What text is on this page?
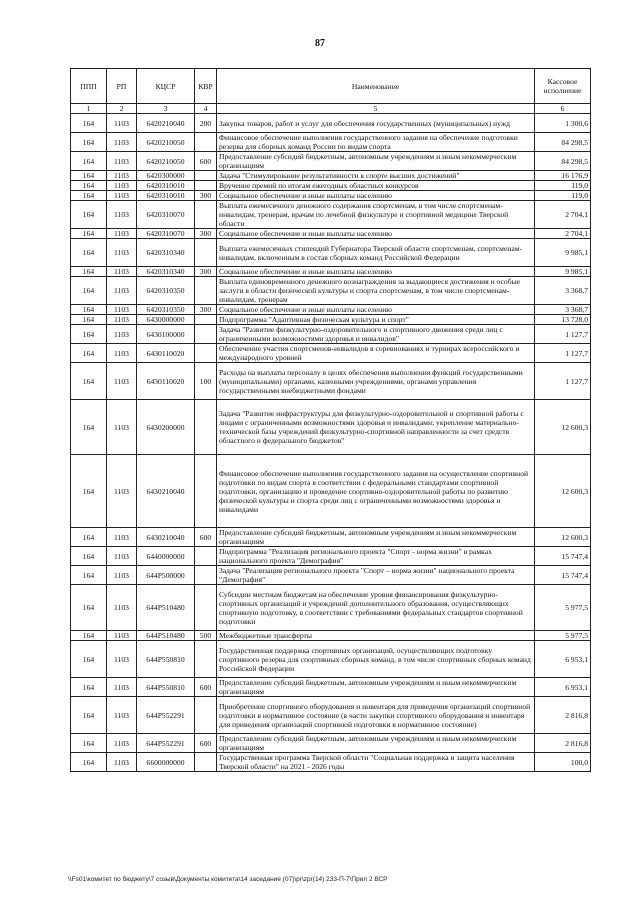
87
ППП	РП	КЦСР	КВР	Наименование	Кассовое исполнение
1	2	3	4	5	6
164	1103	6420210040	200	Закупка товаров, работ и услуг для обеспечения государственных (муниципальных) нужд	1 300,6
164	1103	6420210050		Финансовое обеспечение выполнения государственного задания на обеспечение подготовки резерва для сборных команд России по видам спорта	84 298,5
164	1103	6420210050	600	Предоставление субсидий бюджетным, автономным учреждениям и иным некоммерческим организациям	84 298,5
164	1103	6420300000		Задача "Стимулирование результативности в спорте высших достижений"	16 176,9
164	1103	6420310010		Вручение премий по итогам ежегодных областных конкурсов	119,0
164	1103	6420310010	300	Социальное обеспечение и иные выплаты населению	119,0
164	1103	6420310070		Выплата ежемесячного денежного содержания спортсменам, в том числе спортсменам-инвалидам, тренерам, врачам по лечебной физкультуре и спортивной медицине Тверской области	2 704,1
164	1103	6420310070	300	Социальное обеспечение и иные выплаты населению	2 704,1
164	1103	6420310340		Выплата ежемесячных стипендий Губернатора Тверской области спортсменам, спортсменам-инвалидам, включенным в состав сборных команд Российской Федерации	9 985,1
164	1103	6420310340	300	Социальное обеспечение и иные выплаты населению	9 985,1
164	1103	6420310350		Выплата единовременного денежного вознаграждения за выдающиеся достижения и особые заслуги в области физической культуры и спорта спортсменам, в том числе спортсменам-инвалидам, тренерам	3 368,7
164	1103	6420310350	300	Социальное обеспечение и иные выплаты населению	3 368,7
164	1103	6430000000		Подпрограмма "Адаптивная физическая культура и спорт"	13 728,0
164	1103	6430100000		Задача "Развитие физкультурно-оздоровительного и спортивного движения среди лиц с ограниченными возможностями здоровья и инвалидов"	1 127,7
164	1103	6430110020		Обеспечение участия спортсменов-инвалидов в соревнованиях и турнирах всероссийского и международного уровней	1 127,7
164	1103	6430110020	100	Расходы на выплаты персоналу в целях обеспечения выполнения функций государственными (муниципальными) органами, казенными учреждениями, органами управления государственными внебюджетными фондами	1 127,7
164	1103	6430200000		Задача "Развитие инфраструктуры для физкультурно-оздоровительной и спортивной работы с лицами с ограниченными возможностями здоровья и инвалидами; укрепление материально-технической базы учреждений физкультурно-спортивной направленности за счет средств областного и федерального бюджетов"	12 600,3
164	1103	6430210040		Финансовое обеспечение выполнения государственного задания на осуществление спортивной подготовки по видам спорта в соответствии с федеральными стандартами спортивной подготовки, организацию и проведение спортивно-оздоровительной работы по развитию физической культуры и спорта среди лиц с ограниченными возможностями здоровья и инвалидами	12 600,3
164	1103	6430210040	600	Предоставление субсидий бюджетным, автономным учреждениям и иным некоммерческим организациям	12 600,3
164	1103	6440000000		Подпрограмма "Реализация регионального проекта "Спорт - норма жизни" в рамках национального проекта "Демография"	15 747,4
164	1103	644P500000		Задача "Реализация регионального проекта "Спорт – норма жизни" национального проекта "Демография"	15 747,4
164	1103	644P510480		Субсидии местным бюджетам на обеспечение уровня финансирования физкультурно-спортивных организаций и учреждений дополнительного образования, осуществляющих спортивную подготовку, в соответствии с требованиями федеральных стандартов спортивной подготовки	5 977,5
164	1103	644P510480	500	Межбюджетные трансферты	5 977,5
164	1103	644P550810		Государственная поддержка спортивных организаций, осуществляющих подготовку спортивного резерва для спортивных сборных команд, в том числе спортивных сборных команд Российской Федерации	6 953,1
164	1103	644P550810	600	Предоставление субсидий бюджетным, автономным учреждениям и иным некоммерческим организациям	6 953,1
164	1103	644P552291		Приобретение спортивного оборудования и инвентаря для приведения организаций спортивной подготовки в нормативное состояние (в части закупки спортивного оборудования и инвентаря для приведения организаций спортивной подготовки в нормативное состояние)	2 816,8
164	1103	644P552291	600	Предоставление субсидий бюджетным, автономным учреждениям и иным некоммерческим организациям	2 816,8
164	1103	6600000000		Государственная программа Тверской области "Социальная поддержка и защита населения Тверской области" на 2021 - 2026 годы	100,0
\\Fs01\комитет по бюджету\7 созыв\Документы комитета\14 заседание (07)\pr\zpr(14) 233-П-7\Прил 2 ВСР
